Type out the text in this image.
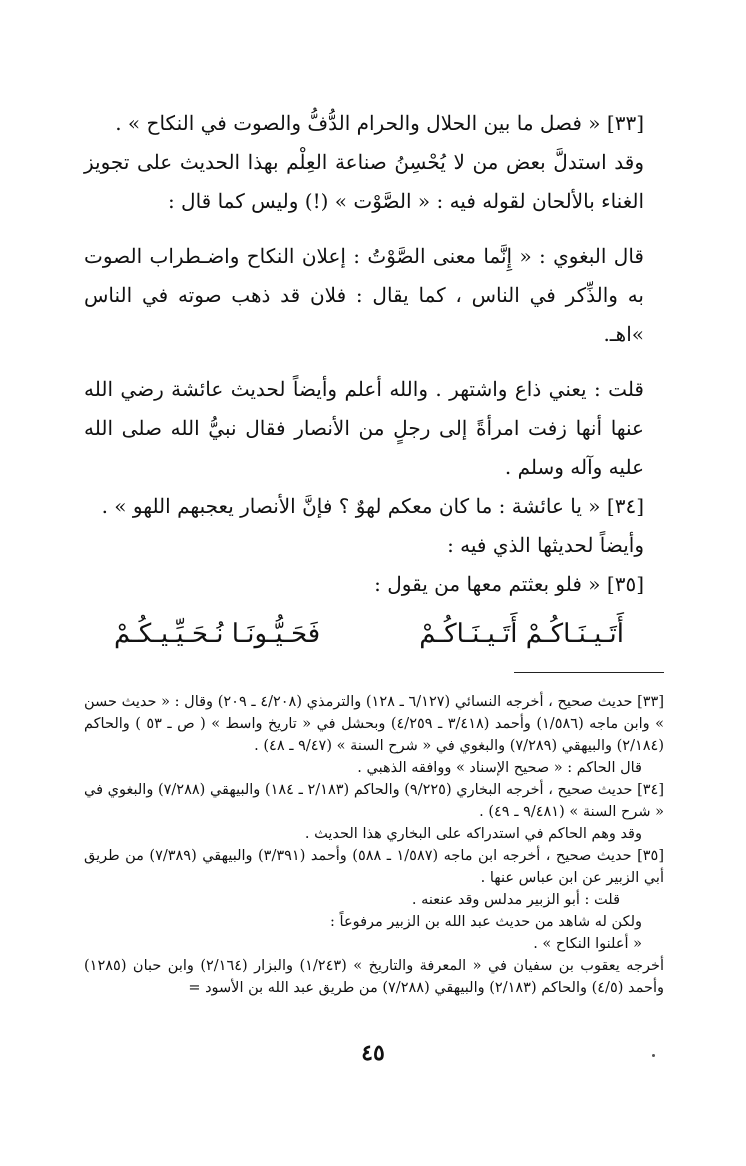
[٣٣] « فصل ما بين الحلال والحرام الدُّفُّ والصوت في النكاح » .

وقد استدلَّ بعض من لا يُحْسِنُ صناعة العِلْم بهذا الحديث على تجويز الغناء بالألحان لقوله فيه : « الصَّوْت » (!) وليس كما قال :

قال البغوي : « إِنَّما معنى الصَّوْتُ : إعلان النكاح واضـطراب الصوت به والذِّكر في الناس ، كما يقال : فلان قد ذهب صوته في الناس »اهـ.

قلت : يعني ذاع واشتهر . والله أعلم وأيضاً لحديث عائشة رضي الله عنها أنها زفت امرأةً إلى رجلٍ من الأنصار فقال نبيُّ الله صلى الله عليه وآله وسلم .

[٣٤] « يا عائشة : ما كان معكم لهوٌ ؟ فإنَّ الأنصار يعجبهم اللهو » .

وأيضاً لحديثها الذي فيه :

[٣٥] « فلو بعثتم معها من يقول :

أَتَـيـنَـاكُـمْ أَتَـيـنَـاكُـمْ
فَحَـيُّـونَـا نُـحَـيِّـيـكُـمْ

[٣٣] حديث صحيح ، أخرجه النسائي (٦/١٢٧ ـ ١٢٨) والترمذي (٤/٢٠٨ ـ ٢٠٩) وقال : « حديث حسن » وابن ماجه (١/٥٨٦) وأحمد (٣/٤١٨ ـ ٤/٢٥٩) وبحشل في « تاريخ واسط » ( ص ـ ٥٣ ) والحاكم (٢/١٨٤) والبيهقي (٧/٢٨٩) والبغوي في « شرح السنة » (٩/٤٧ ـ ٤٨) .

قال الحاكم : « صحيح الإسناد » ووافقه الذهبي .

[٣٤] حديث صحيح ، أخرجه البخاري (٩/٢٢٥) والحاكم (٢/١٨٣ ـ ١٨٤) والبيهقي (٧/٢٨٨) والبغوي في « شرح السنة » (٩/٤٨١ ـ ٤٩) .

وقد وهم الحاكم في استدراكه على البخاري هذا الحديث .

[٣٥] حديث صحيح ، أخرجه ابن ماجه (١/٥٨٧ ـ ٥٨٨) وأحمد (٣/٣٩١) والبيهقي (٧/٣٨٩) من طريق أبي الزبير عن ابن عباس عنها .

قلت : أبو الزبير مدلس وقد عنعنه .

ولكن له شاهد من حديث عبد الله بن الزبير مرفوعاً :

« أعلنوا النكاح » .

أخرجه يعقوب بن سفيان في « المعرفة والتاريخ » (١/٢٤٣) والبزار (٢/١٦٤) وابن حبان (١٢٨٥) وأحمد (٤/٥) والحاكم (٢/١٨٣) والبيهقي (٧/٢٨٨) من طريق عبد الله بن الأسود =

٤٥
